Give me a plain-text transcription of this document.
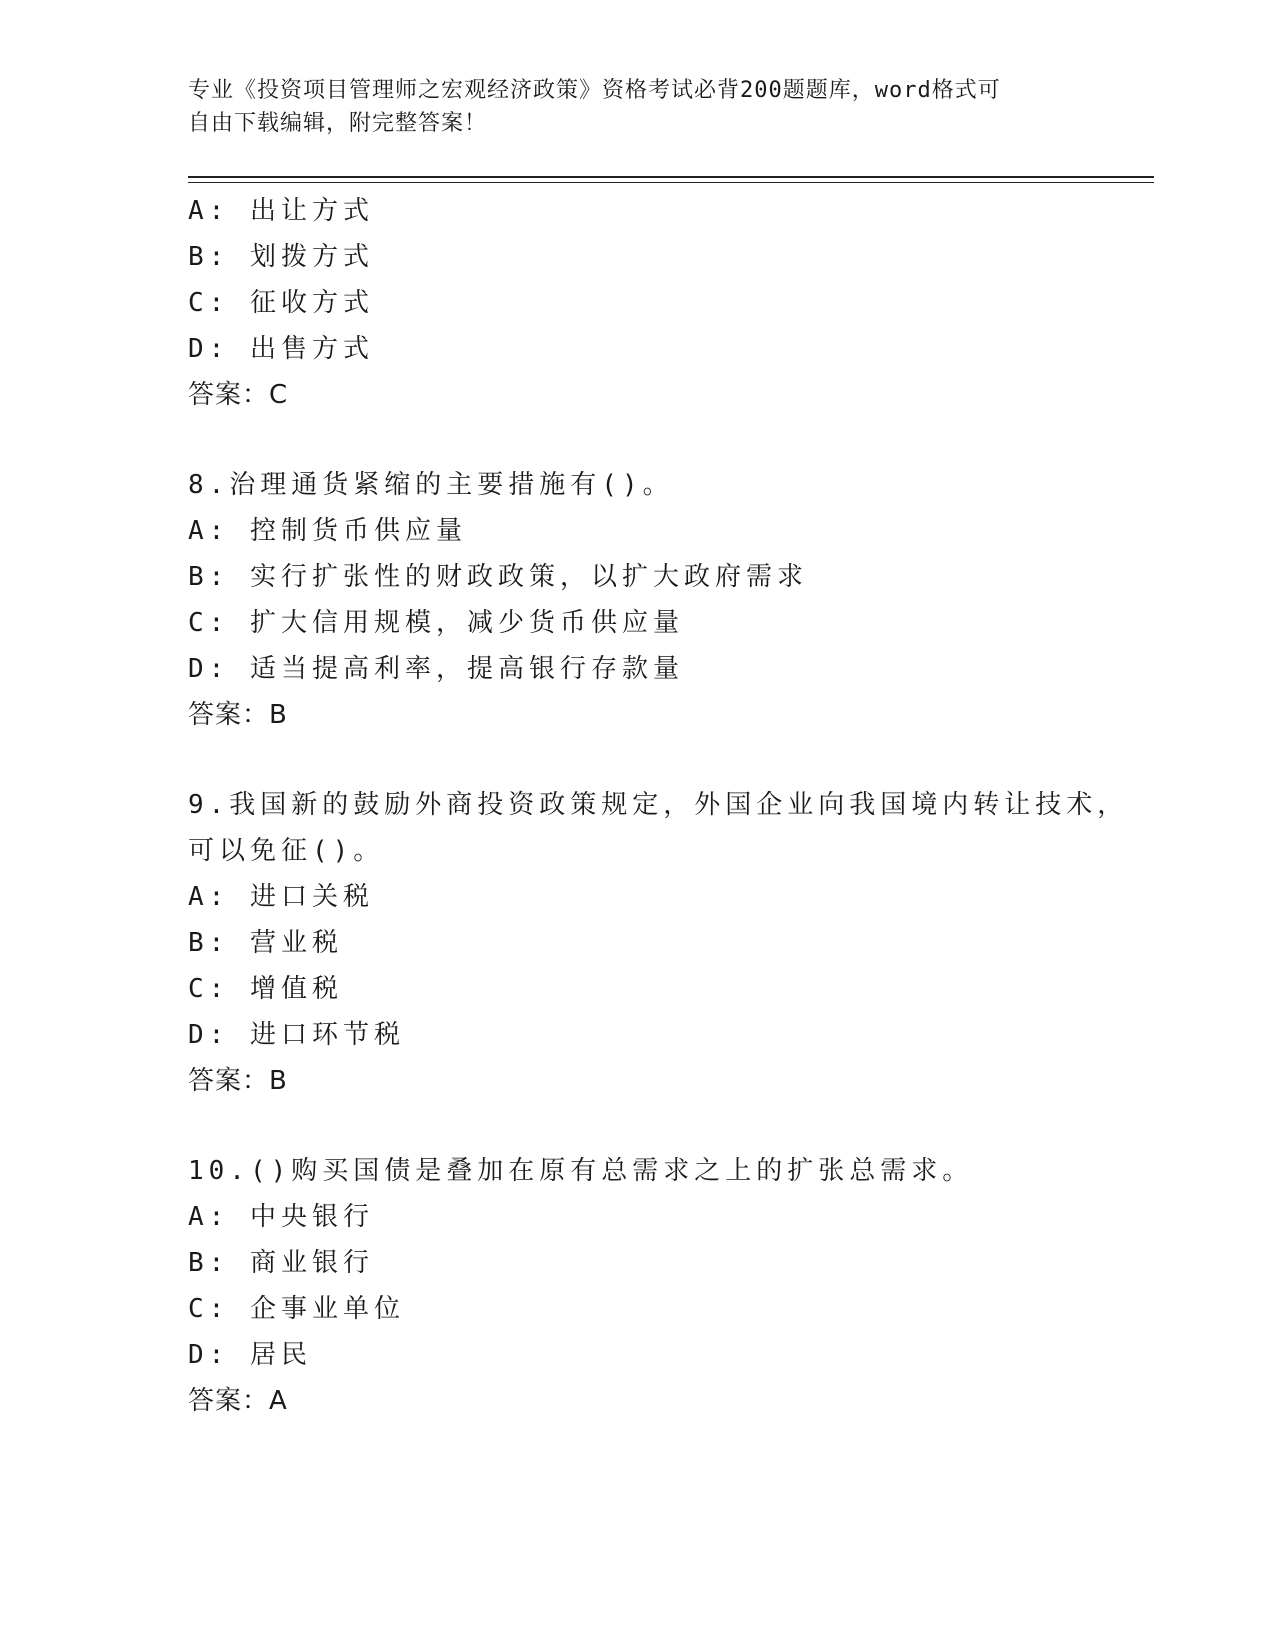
专业《投资项目管理师之宏观经济政策》资格考试必背200题题库，word格式可
自由下载编辑，附完整答案！
A: 出让方式
B: 划拨方式
C: 征收方式
D: 出售方式
答案：C
8.治理通货紧缩的主要措施有()。
A: 控制货币供应量
B: 实行扩张性的财政政策，以扩大政府需求
C: 扩大信用规模，减少货币供应量
D: 适当提高利率，提高银行存款量
答案：B
9.我国新的鼓励外商投资政策规定，外国企业向我国境内转让技术，
可以免征()。
A: 进口关税
B: 营业税
C: 增值税
D: 进口环节税
答案：B
10.()购买国债是叠加在原有总需求之上的扩张总需求。
A: 中央银行
B: 商业银行
C: 企事业单位
D: 居民
答案：A
